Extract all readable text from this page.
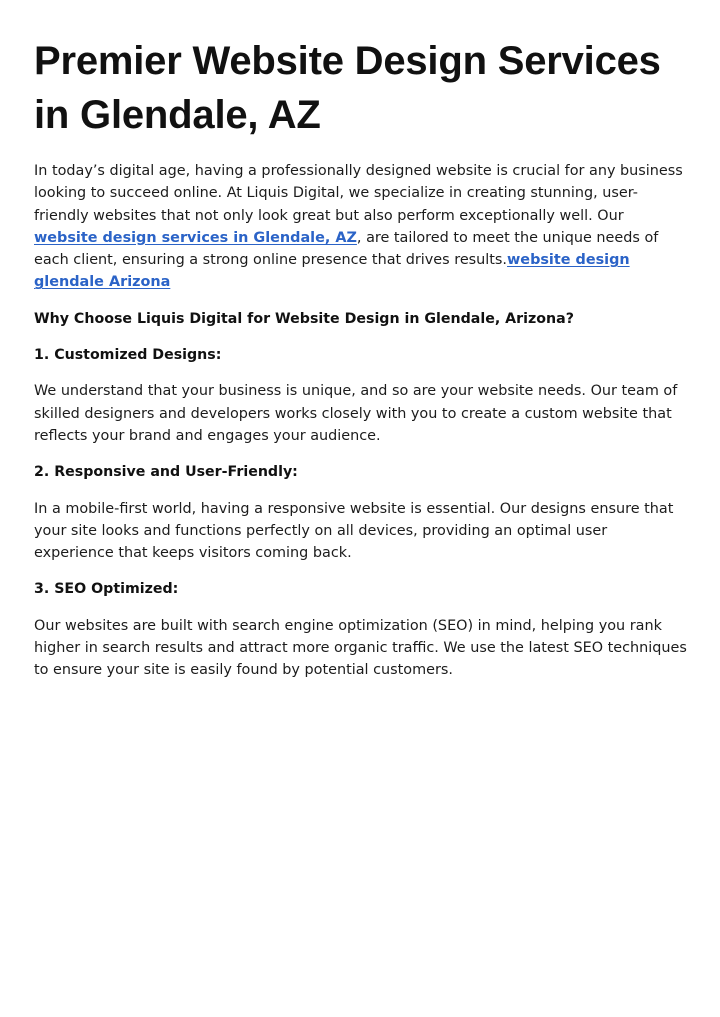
Premier Website Design Services in Glendale, AZ

In today’s digital age, having a professionally designed website is crucial for any business looking to succeed online. At Liquis Digital, we specialize in creating stunning, user-friendly websites that not only look great but also perform exceptionally well. Our website design services in Glendale, AZ, are tailored to meet the unique needs of each client, ensuring a strong online presence that drives results.website design glendale Arizona

Why Choose Liquis Digital for Website Design in Glendale, Arizona?

1. Customized Designs:

We understand that your business is unique, and so are your website needs. Our team of skilled designers and developers works closely with you to create a custom website that reflects your brand and engages your audience.

2. Responsive and User-Friendly:

In a mobile-first world, having a responsive website is essential. Our designs ensure that your site looks and functions perfectly on all devices, providing an optimal user experience that keeps visitors coming back.

3. SEO Optimized:

Our websites are built with search engine optimization (SEO) in mind, helping you rank higher in search results and attract more organic traffic. We use the latest SEO techniques to ensure your site is easily found by potential customers.
